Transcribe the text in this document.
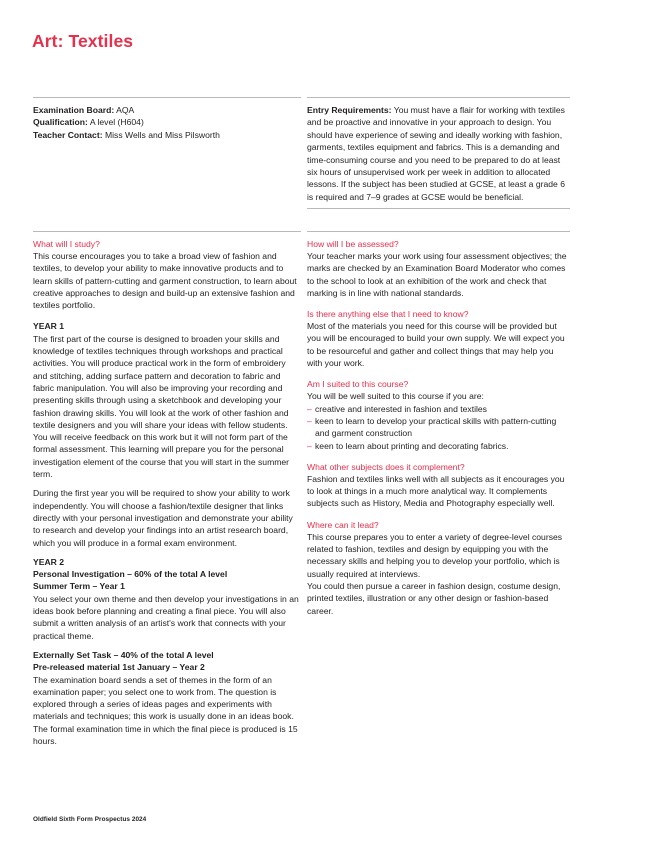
Art: Textiles
Examination Board: AQA
Qualification: A level (H604)
Teacher Contact: Miss Wells and Miss Pilsworth
Entry Requirements: You must have a flair for working with textiles and be proactive and innovative in your approach to design. You should have experience of sewing and ideally working with fashion, garments, textiles equipment and fabrics. This is a demanding and time-consuming course and you need to be prepared to do at least six hours of unsupervised work per week in addition to allocated lessons. If the subject has been studied at GCSE, at least a grade 6 is required and 7–9 grades at GCSE would be beneficial.

What will I study?

This course encourages you to take a broad view of fashion and textiles, to develop your ability to make innovative products and to learn skills of pattern-cutting and garment construction, to learn about creative approaches to design and build-up an extensive fashion and textiles portfolio.

YEAR 1

The first part of the course is designed to broaden your skills and knowledge of textiles techniques through workshops and practical activities. You will produce practical work in the form of embroidery and stitching, adding surface pattern and decoration to fabric and fabric manipulation. You will also be improving your recording and presenting skills through using a sketchbook and developing your fashion drawing skills. You will look at the work of other fashion and textile designers and you will share your ideas with fellow students. You will receive feedback on this work but it will not form part of the formal assessment. This learning will prepare you for the personal investigation element of the course that you will start in the summer term.

During the first year you will be required to show your ability to work independently. You will choose a fashion/textile designer that links directly with your personal investigation and demonstrate your ability to research and develop your findings into an artist research board, which you will produce in a formal exam environment.

YEAR 2

Personal Investigation – 60% of the total A level

Summer Term – Year 1

You select your own theme and then develop your investigations in an ideas book before planning and creating a final piece. You will also submit a written analysis of an artist's work that connects with your practical theme.

Externally Set Task – 40% of the total A level

Pre-released material 1st January – Year 2

The examination board sends a set of themes in the form of an examination paper; you select one to work from. The question is explored through a series of ideas pages and experiments with materials and techniques; this work is usually done in an ideas book. The formal examination time in which the final piece is produced is 15 hours.

How will I be assessed?

Your teacher marks your work using four assessment objectives; the marks are checked by an Examination Board Moderator who comes to the school to look at an exhibition of the work and check that marking is in line with national standards.

Is there anything else that I need to know?

Most of the materials you need for this course will be provided but you will be encouraged to build your own supply. We will expect you to be resourceful and gather and collect things that may help you with your work.

Am I suited to this course?

You will be well suited to this course if you are:

– creative and interested in fashion and textiles
– keen to learn to develop your practical skills with pattern-cutting and garment construction
– keen to learn about printing and decorating fabrics.

What other subjects does it complement?

Fashion and textiles links well with all subjects as it encourages you to look at things in a much more analytical way. It complements subjects such as History, Media and Photography especially well.

Where can it lead?

This course prepares you to enter a variety of degree-level courses related to fashion, textiles and design by equipping you with the necessary skills and helping you to develop your portfolio, which is usually required at interviews.

You could then pursue a career in fashion design, costume design, printed textiles, illustration or any other design or fashion-based career.

Oldfield Sixth Form Prospectus 2024
